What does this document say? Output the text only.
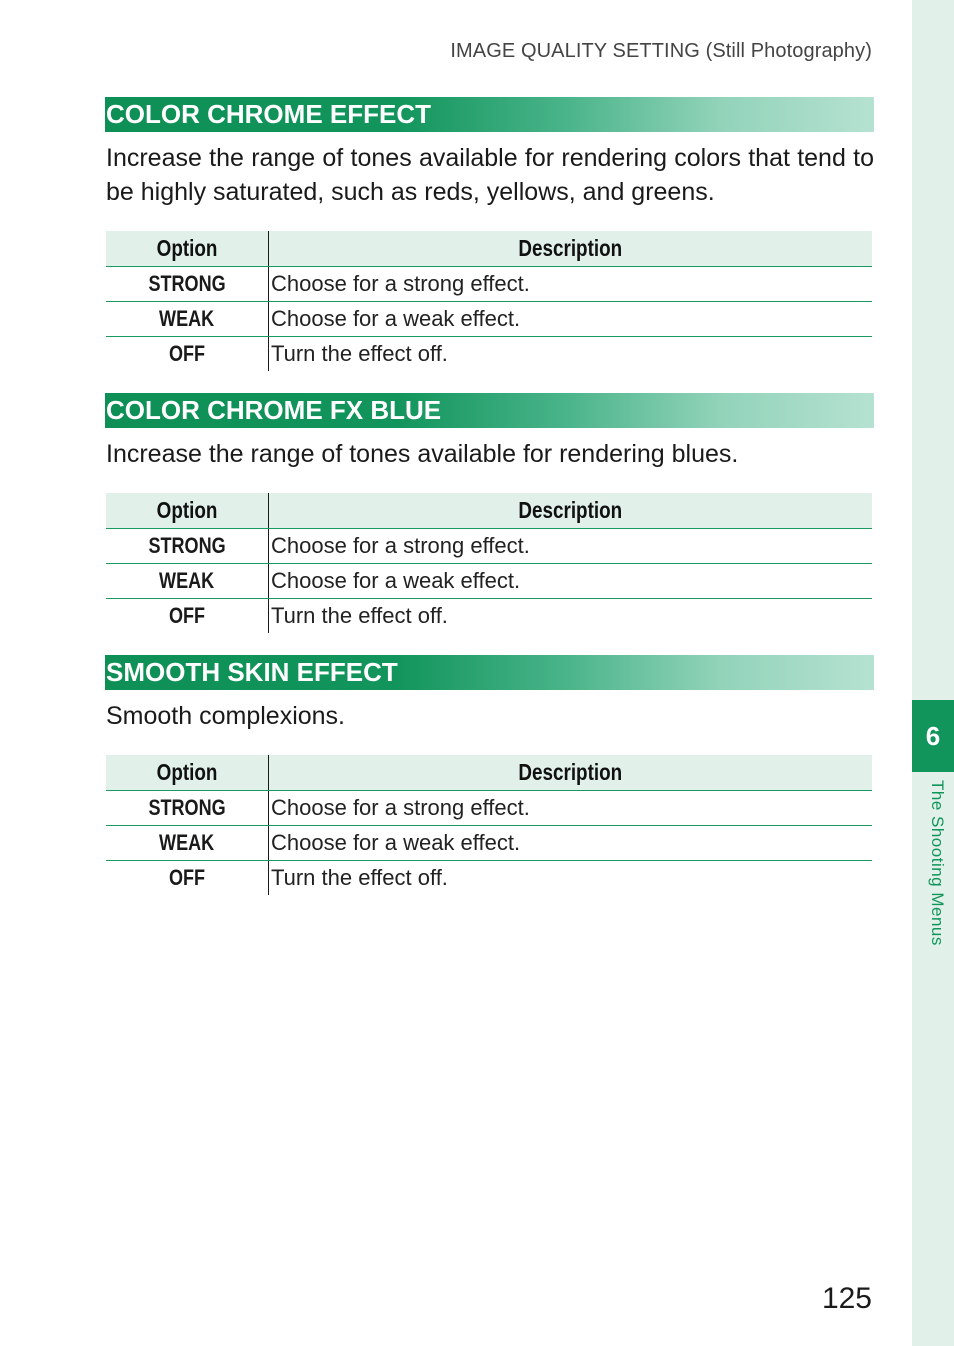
IMAGE QUALITY SETTING (Still Photography)
6
The Shooting Menus
COLOR CHROME EFFECT
Increase the range of tones available for rendering colors that tend to be highly saturated, such as reds, yellows, and greens.
Option	Description
STRONG	Choose for a strong effect.
WEAK	Choose for a weak effect.
OFF	Turn the effect off.
COLOR CHROME FX BLUE
Increase the range of tones available for rendering blues.
Option	Description
STRONG	Choose for a strong effect.
WEAK	Choose for a weak effect.
OFF	Turn the effect off.
SMOOTH SKIN EFFECT
Smooth complexions.
Option	Description
STRONG	Choose for a strong effect.
WEAK	Choose for a weak effect.
OFF	Turn the effect off.
125
